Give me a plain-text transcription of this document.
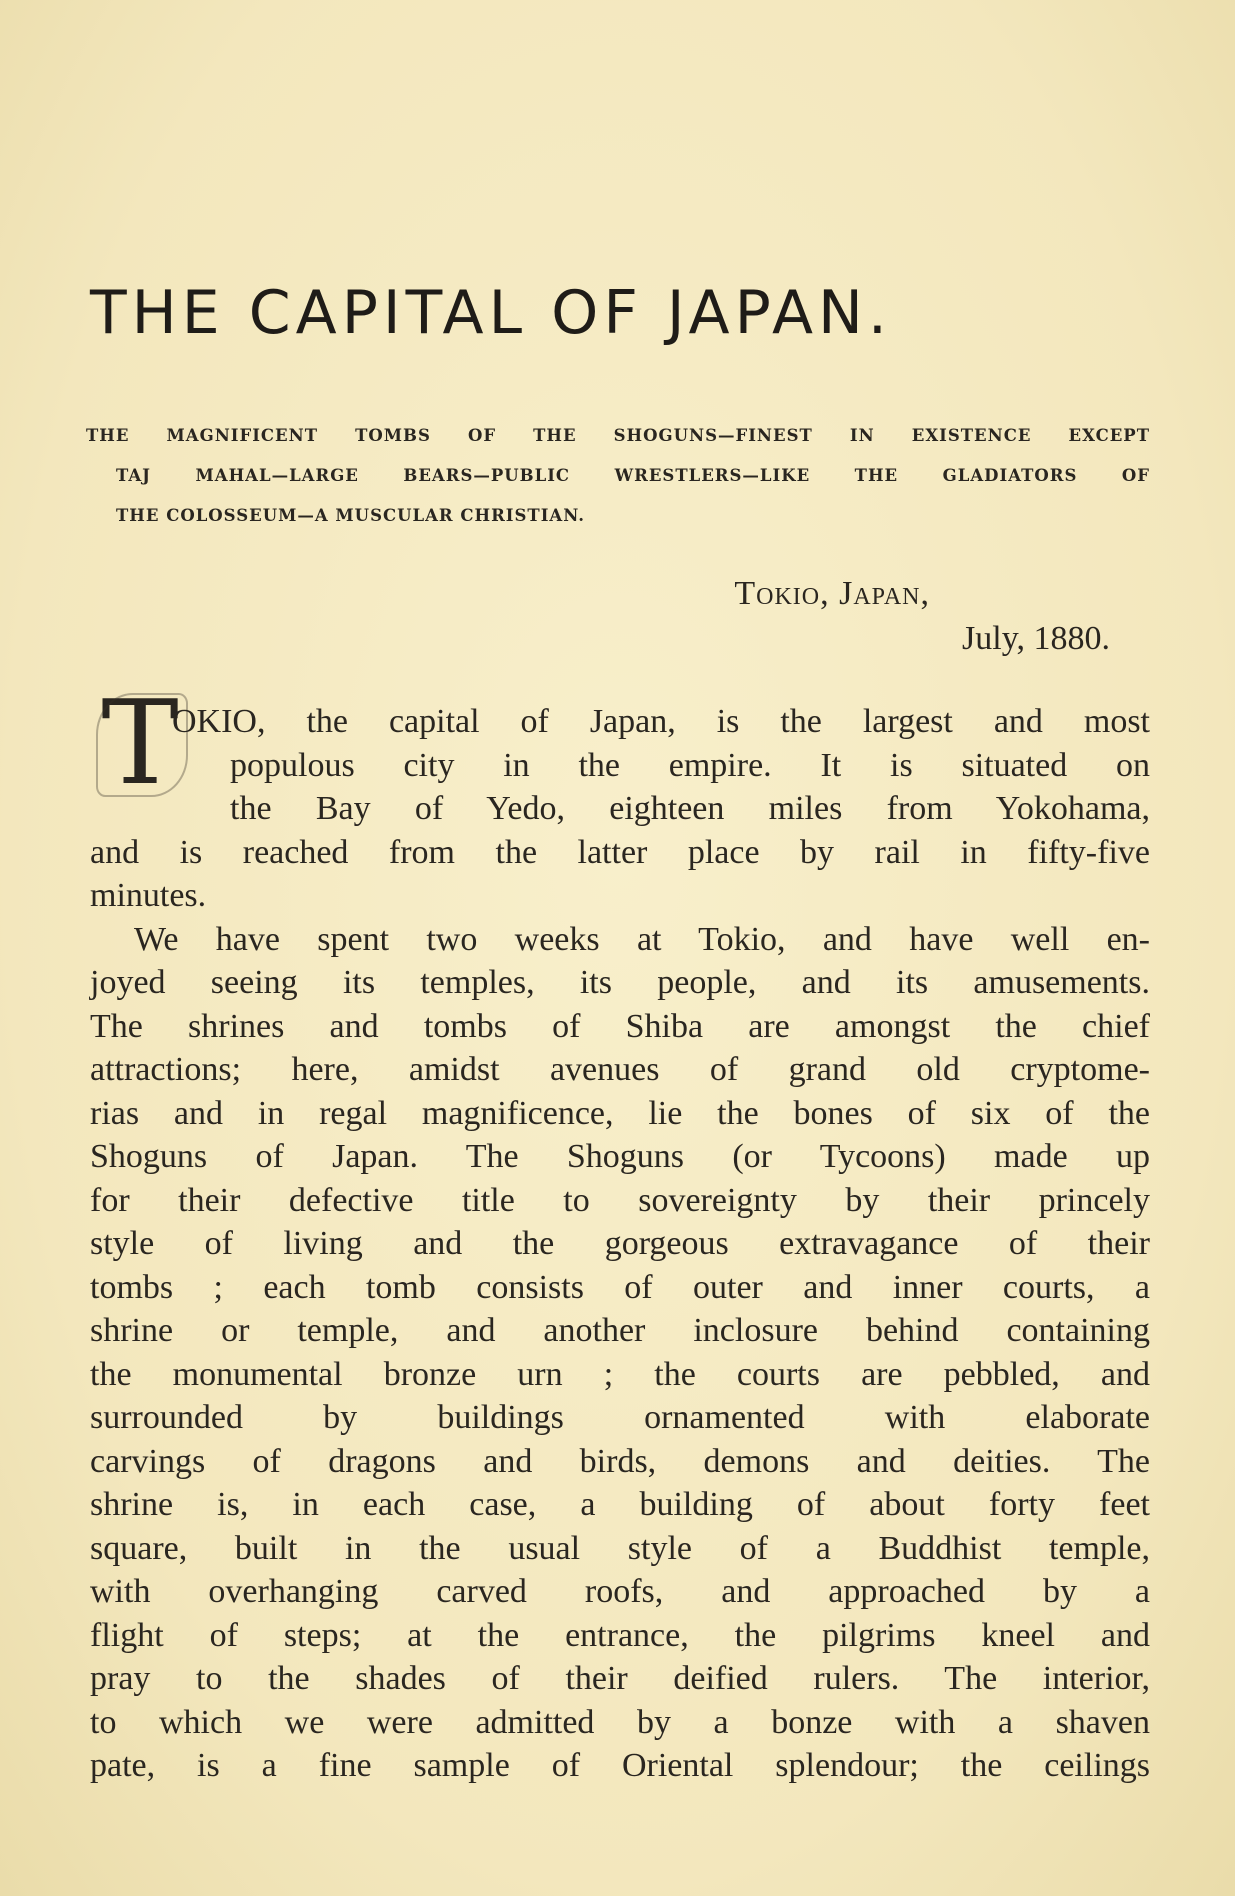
⁠ ⁠
THE CAPITAL OF JAPAN.
THE MAGNIFICENT TOMBS OF THE SHOGUNS—FINEST IN EXISTENCE EXCEPT
TAJ MAHAL—LARGE BEARS—PUBLIC WRESTLERS—LIKE THE GLADIATORS OF
THE COLOSSEUM—A MUSCULAR CHRISTIAN.
Tokio, Japan,
July, 1880.
T
OKIO, the capital of Japan, is the largest and most
populous city in the empire. It is situated on
the Bay of Yedo, eighteen miles from Yokohama,
and is reached from the latter place by rail in fifty-five
minutes.
We have spent two weeks at Tokio, and have well en-
joyed seeing its temples, its people, and its amusements.
The shrines and tombs of Shiba are amongst the chief
attractions; here, amidst avenues of grand old cryptome-
rias and in regal magnificence, lie the bones of six of the
Shoguns of Japan. The Shoguns (or Tycoons) made up
for their defective title to sovereignty by their princely
style of living and the gorgeous extravagance of their
tombs ; each tomb consists of outer and inner courts, a
shrine or temple, and another inclosure behind containing
the monumental bronze urn ; the courts are pebbled, and
surrounded by buildings ornamented with elaborate
carvings of dragons and birds, demons and deities. The
shrine is, in each case, a building of about forty feet
square, built in the usual style of a Buddhist temple,
with overhanging carved roofs, and approached by a
flight of steps; at the entrance, the pilgrims kneel and
pray to the shades of their deified rulers. The interior,
to which we were admitted by a bonze with a shaven
pate, is a fine sample of Oriental splendour; the ceilings
